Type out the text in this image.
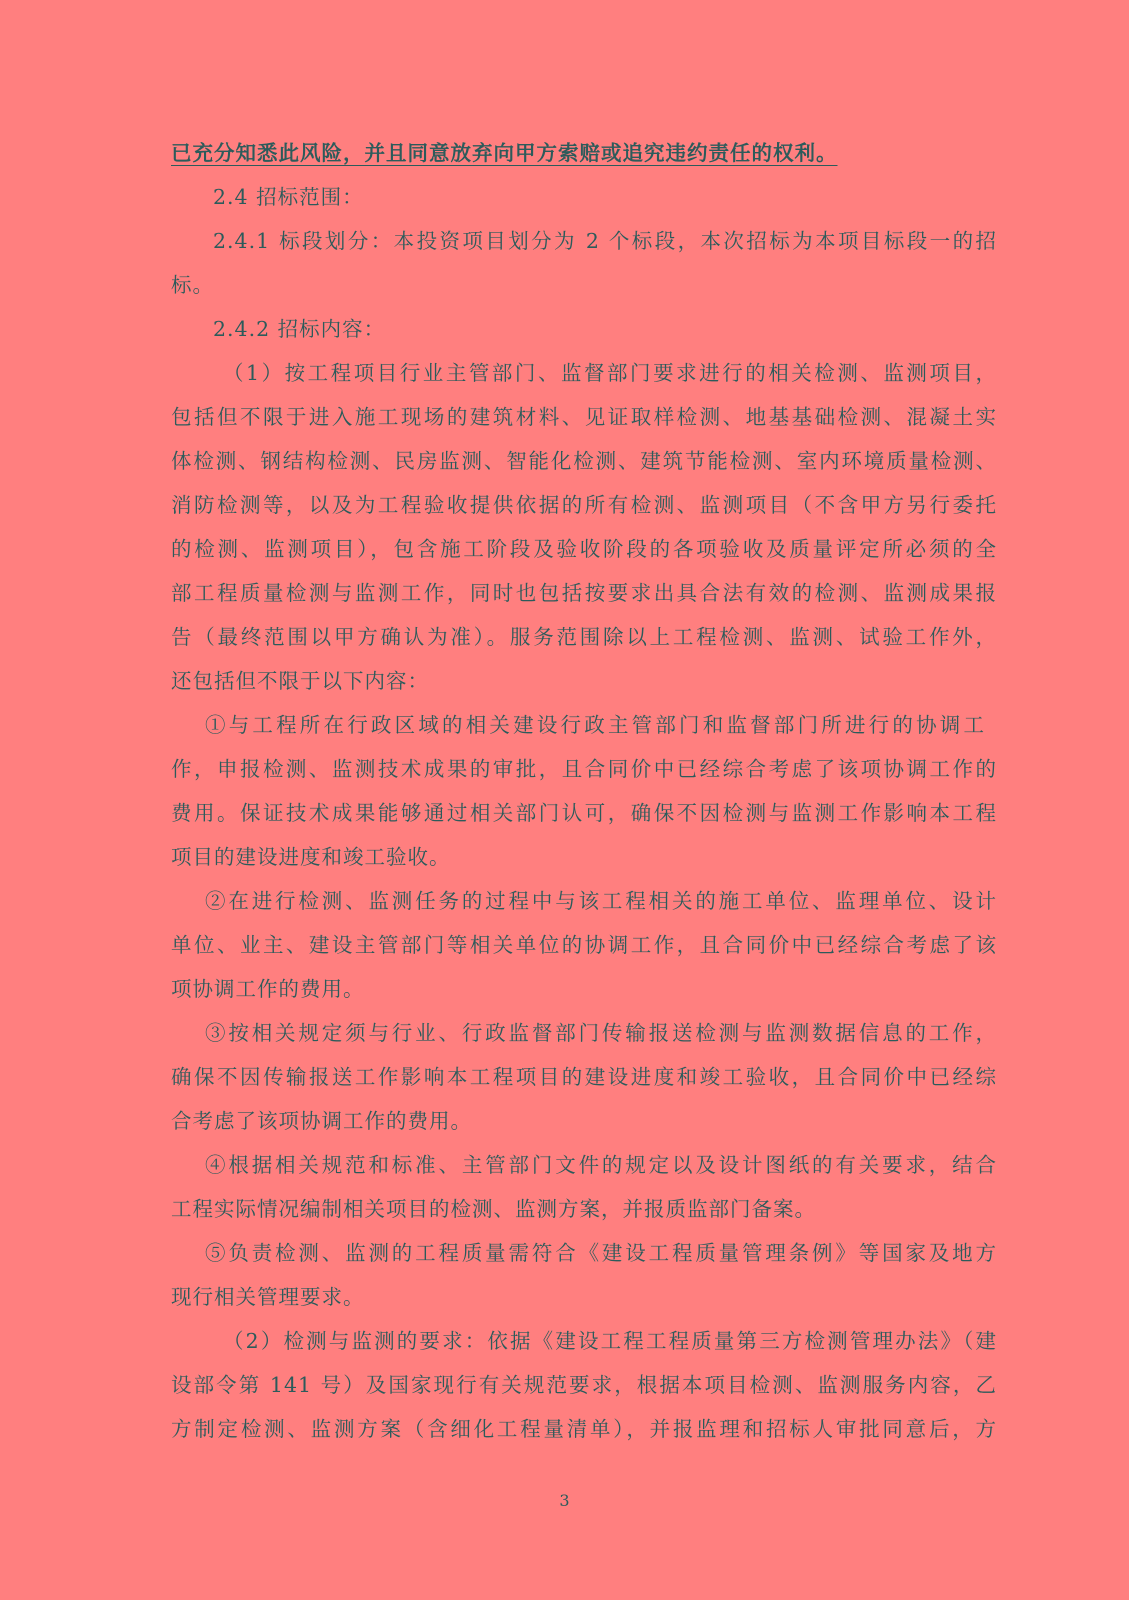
已充分知悉此风险，并且同意放弃向甲方索赔或追究违约责任的权利。
2.4 招标范围：
2.4.1 标段划分：本投资项目划分为 2 个标段，本次招标为本项目标段一的招
标。
2.4.2 招标内容：
（1）按工程项目行业主管部门、监督部门要求进行的相关检测、监测项目，
包括但不限于进入施工现场的建筑材料、见证取样检测、地基基础检测、混凝土实
体检测、钢结构检测、民房监测、智能化检测、建筑节能检测、室内环境质量检测、
消防检测等，以及为工程验收提供依据的所有检测、监测项目（不含甲方另行委托
的检测、监测项目），包含施工阶段及验收阶段的各项验收及质量评定所必须的全
部工程质量检测与监测工作，同时也包括按要求出具合法有效的检测、监测成果报
告（最终范围以甲方确认为准）。服务范围除以上工程检测、监测、试验工作外，
还包括但不限于以下内容：
①与工程所在行政区域的相关建设行政主管部门和监督部门所进行的协调工
作，申报检测、监测技术成果的审批，且合同价中已经综合考虑了该项协调工作的
费用。保证技术成果能够通过相关部门认可，确保不因检测与监测工作影响本工程
项目的建设进度和竣工验收。
②在进行检测、监测任务的过程中与该工程相关的施工单位、监理单位、设计
单位、业主、建设主管部门等相关单位的协调工作，且合同价中已经综合考虑了该
项协调工作的费用。
③按相关规定须与行业、行政监督部门传输报送检测与监测数据信息的工作，
确保不因传输报送工作影响本工程项目的建设进度和竣工验收，且合同价中已经综
合考虑了该项协调工作的费用。
④根据相关规范和标准、主管部门文件的规定以及设计图纸的有关要求，结合
工程实际情况编制相关项目的检测、监测方案，并报质监部门备案。
⑤负责检测、监测的工程质量需符合《建设工程质量管理条例》等国家及地方
现行相关管理要求。
（2）检测与监测的要求：依据《建设工程工程质量第三方检测管理办法》（建
设部令第 141 号）及国家现行有关规范要求，根据本项目检测、监测服务内容，乙
方制定检测、监测方案（含细化工程量清单），并报监理和招标人审批同意后，方
3
